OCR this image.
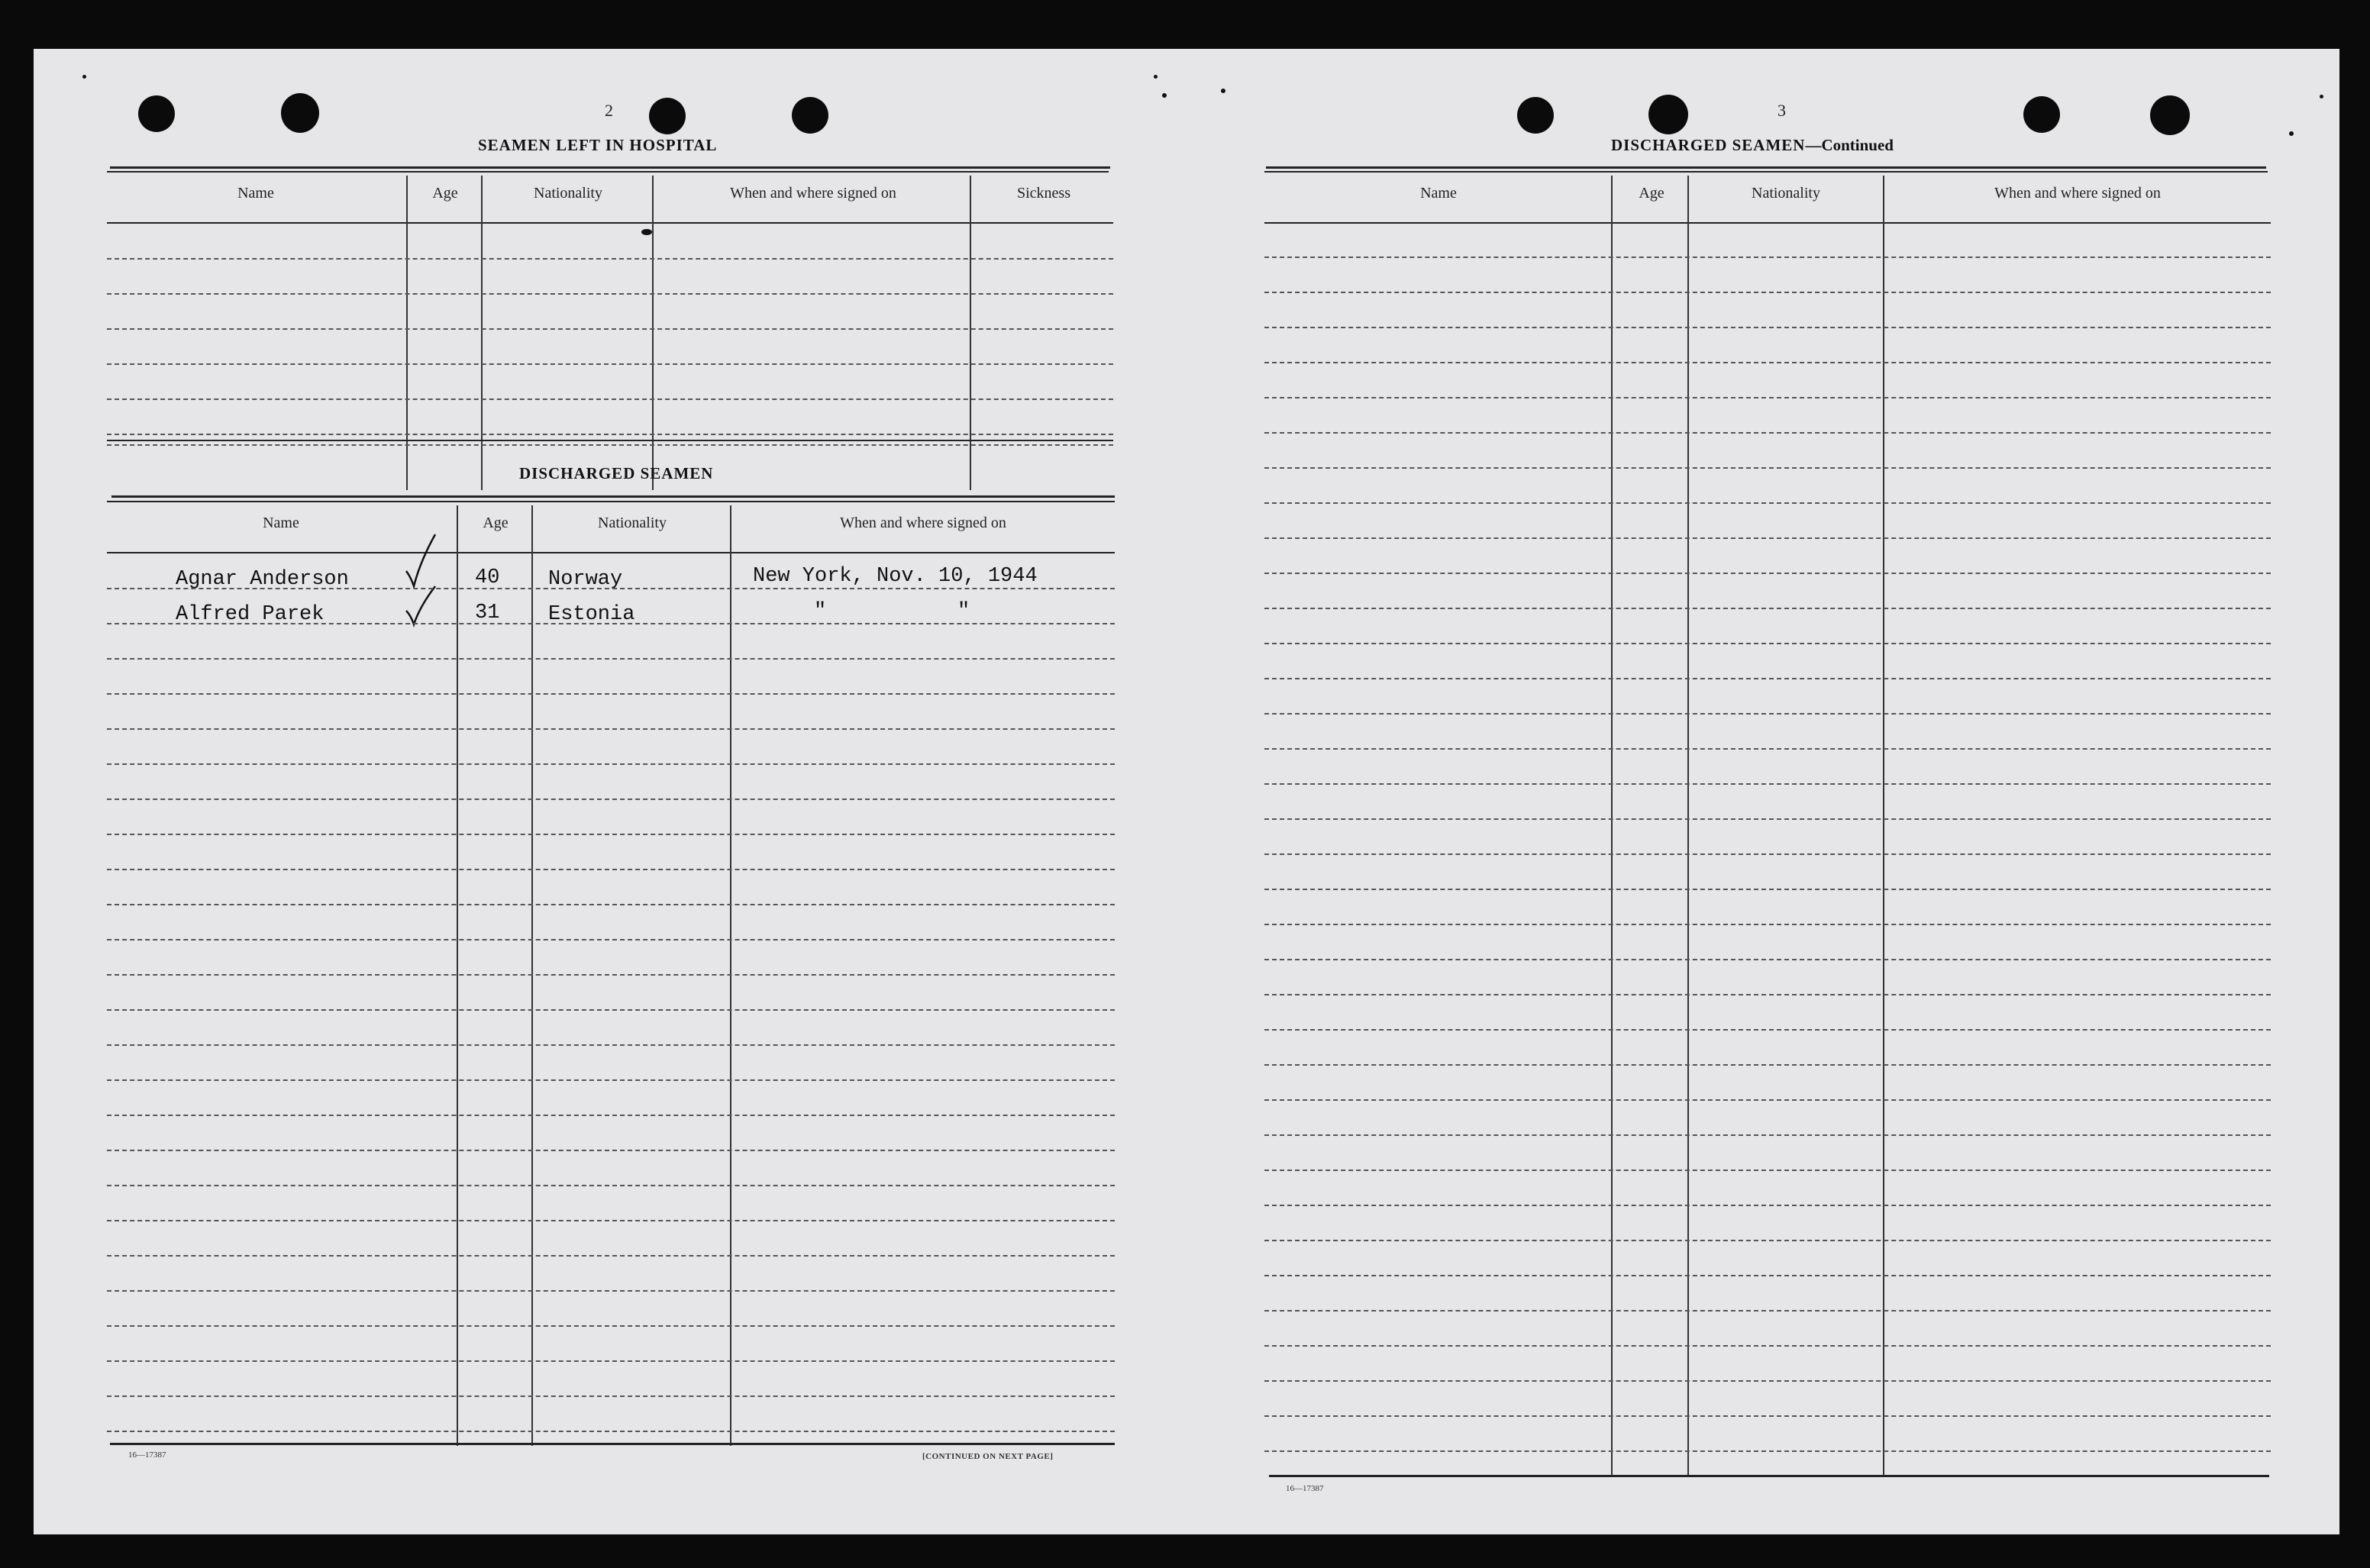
2
SEAMEN LEFT IN HOSPITAL
Name	Age	Nationality	When and where signed on	Sickness
DISCHARGED SEAMEN
Name	Age	Nationality	When and where signed on
Agnar Anderson	40 Norway	New York, Nov. 10, 1944
Alfred Parek	31 Estonia	"	"
16—17387	[CONTINUED ON NEXT PAGE]
3
DISCHARGED SEAMEN—Continued
Name	Age	Nationality	When and where signed on
16—17387
